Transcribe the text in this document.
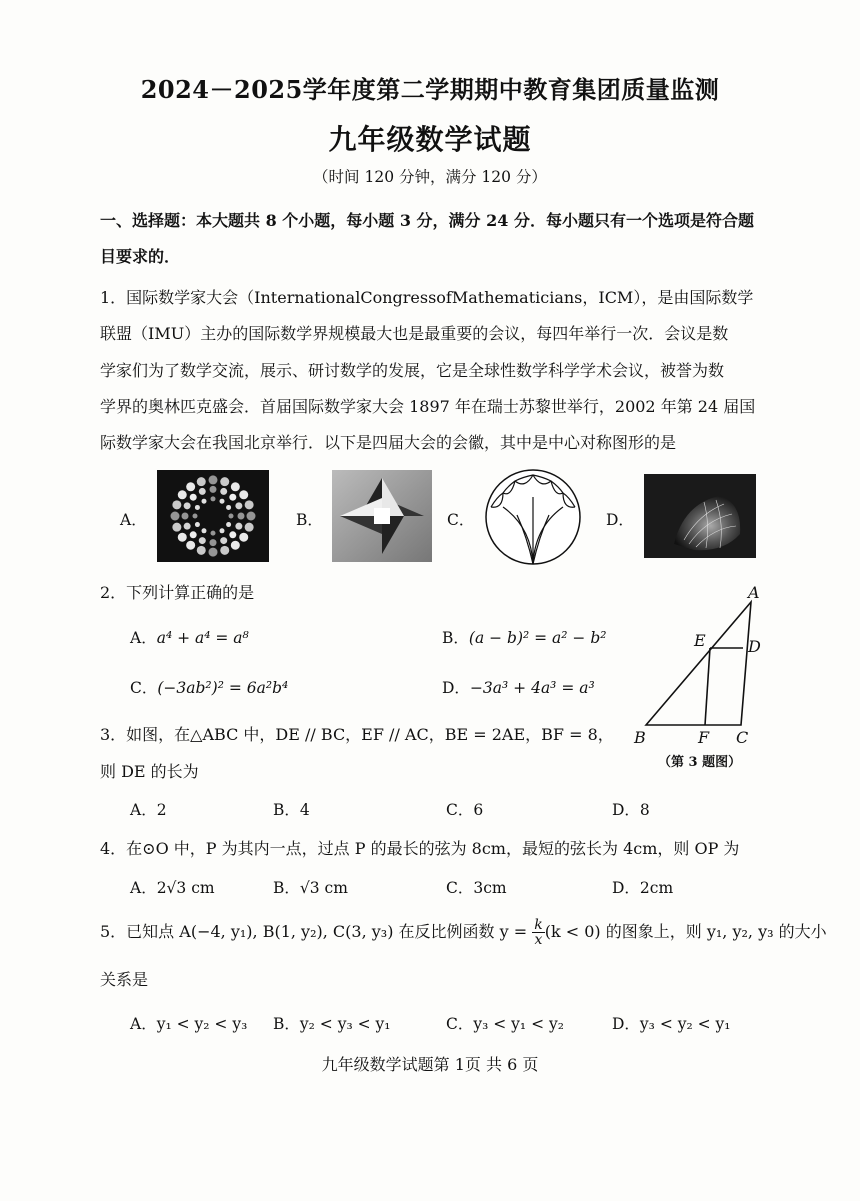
2024－2025学年度第二学期期中教育集团质量监测
九年级数学试题
（时间 120 分钟，满分 120 分）
一、选择题：本大题共 8 个小题，每小题 3 分，满分 24 分．每小题只有一个选项是符合题
目要求的．
1．国际数学家大会（InternationalCongressofMathematicians，ICM），是由国际数学
联盟（IMU）主办的国际数学界规模最大也是最重要的会议，每四年举行一次．会议是数
学家们为了数学交流，展示、研讨数学的发展，它是全球性数学科学学术会议，被誉为数
学界的奥林匹克盛会．首届国际数学家大会 1897 年在瑞士苏黎世举行，2002 年第 24 届国
际数学家大会在我国北京举行．以下是四届大会的会徽，其中是中心对称图形的是
A．	B．	C．	D．
2．下列计算正确的是
A．a⁴ + a⁴ = a⁸	B．(a − b)² = a² − b²
C．(−3ab²)² = 6a²b⁴	D．−3a³ + 4a³ = a³
A
E	D
B	F C
（第 3 题图）
3．如图，在△ABC 中，DE // BC，EF // AC，BE = 2AE，BF = 8，
则 DE 的长为
A．2	B．4	C．6	D．8
4．在⊙O 中，P 为其内一点，过点 P 的最长的弦为 8cm，最短的弦长为 4cm，则 OP 为
A．2√3 cm	B．√3 cm	C．3cm	D．2cm
5．已知点 A(−4, y₁), B(1, y₂), C(3, y₃) 在反比例函数 $y = \frac{k}{x} (k < 0)$ 的图象上，则 y₁, y₂, y₃ 的大小
关系是
A．y₁ < y₂ < y₃ B．y₂ < y₃ < y₁	C．y₃ < y₁ < y₂	D．y₃ < y₂ < y₁
九年级数学试题第 1页 共 6 页
